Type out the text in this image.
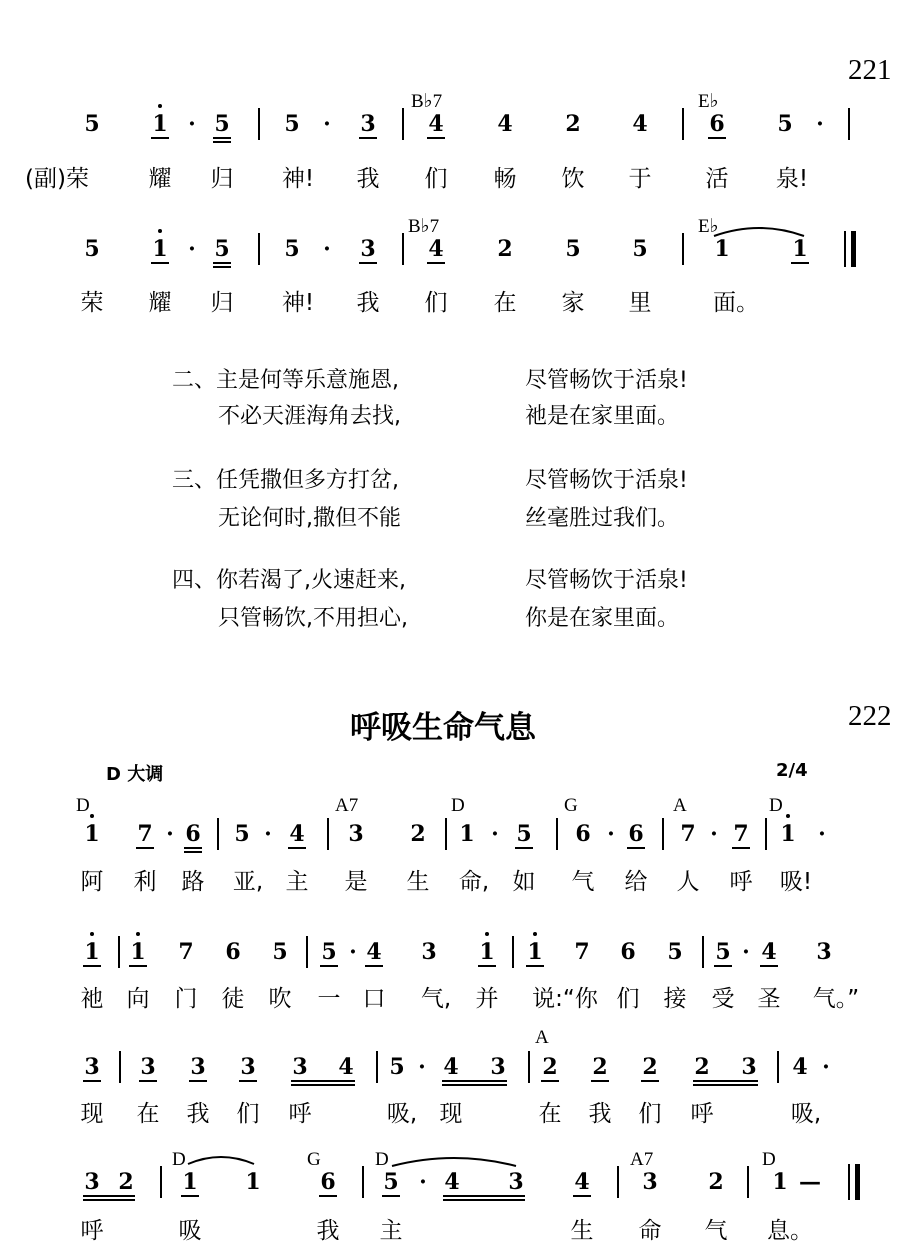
221
B♭7	E♭
5 1 · 5 5 · 3 4 4 2 4	6 5 ·
(副)荣	耀 归 神! 我 们 畅 饮 于 活 泉!
B♭7	E♭
5 1 · 5 5 · 3 4 2 5 5	1	1
荣 耀 归 神! 我 们 在 家 里	面。
二、主是何等乐意施恩,	尽管畅饮于活泉!
不必天涯海角去找,	祂是在家里面。
三、任凭撒但多方打岔,	尽管畅饮于活泉!
无论何时,撒但不能	丝毫胜过我们。
四、你若渴了,火速赶来,	尽管畅饮于活泉!
只管畅饮,不用担心,	你是在家里面。
呼吸生命气息	222
D 大调	2/4
D	A7	D	G	A	D
1 7 · 6 5 · 4 3 2 1 · 5 6 · 6 7 · 7 1 ·
阿 利 路 亚, 主 是 生 命, 如 气 给 人 呼 吸!
1 1 7 6 5 5 · 4 3 1 1 7 6 5 5 · 4 3
祂 向 门 徒 吹 一 口 气, 并 说:“你 们 接 受 圣 气。”
A
3 3 3 3 3 4 5 · 4 3 2 2 2 2 3 4 ·
现 在 我 们 呼	吸, 现	在 我 们 呼	吸,
D	G	D	A7	D
3 2 1 1	6 5 · 4 3 4 3 2 1 —
呼	吸	我 主	生 命 气 息。
